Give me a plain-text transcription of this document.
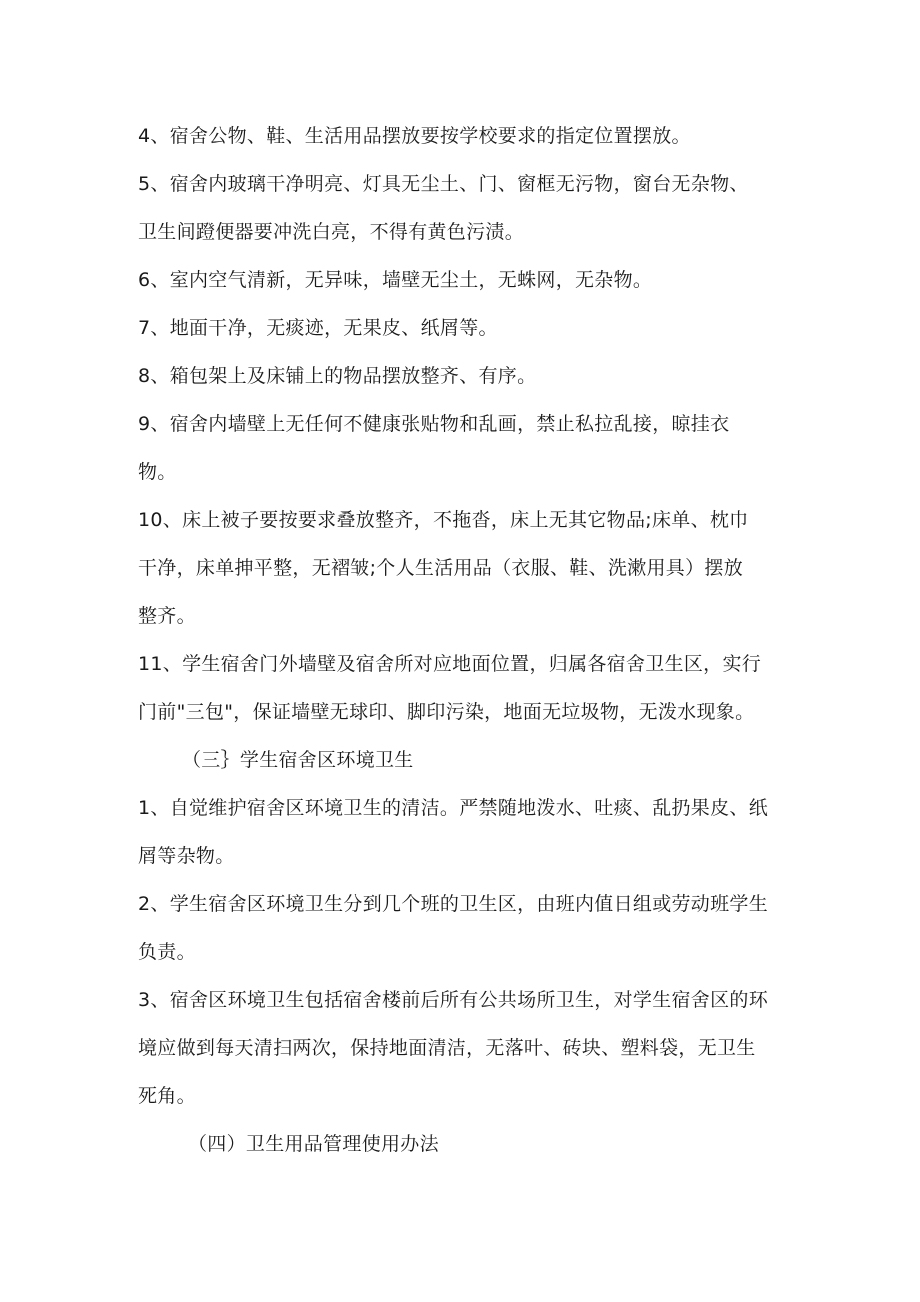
4、宿舍公物、鞋、生活用品摆放要按学校要求的指定位置摆放。

5、宿舍内玻璃干净明亮、灯具无尘土、门、窗框无污物，窗台无杂物、
卫生间蹬便器要冲洗白亮，不得有黄色污渍。

6、室内空气清新，无异味，墙壁无尘土，无蛛网，无杂物。

7、地面干净，无痰迹，无果皮、纸屑等。

8、箱包架上及床铺上的物品摆放整齐、有序。

9、宿舍内墙壁上无任何不健康张贴物和乱画，禁止私拉乱接，晾挂衣
物。

10、床上被子要按要求叠放整齐，不拖沓，床上无其它物品;床单、枕巾
干净，床单抻平整，无褶皱;个人生活用品（衣服、鞋、洗漱用具）摆放
整齐。

11、学生宿舍门外墙壁及宿舍所对应地面位置，归属各宿舍卫生区，实行
门前"三包"，保证墙壁无球印、脚印污染，地面无垃圾物，无泼水现象。

（三｝学生宿舍区环境卫生

1、自觉维护宿舍区环境卫生的清洁。严禁随地泼水、吐痰、乱扔果皮、纸
屑等杂物。

2、学生宿舍区环境卫生分到几个班的卫生区，由班内值日组或劳动班学生
负责。

3、宿舍区环境卫生包括宿舍楼前后所有公共场所卫生，对学生宿舍区的环
境应做到每天清扫两次，保持地面清洁，无落叶、砖块、塑料袋，无卫生
死角。

（四）卫生用品管理使用办法
